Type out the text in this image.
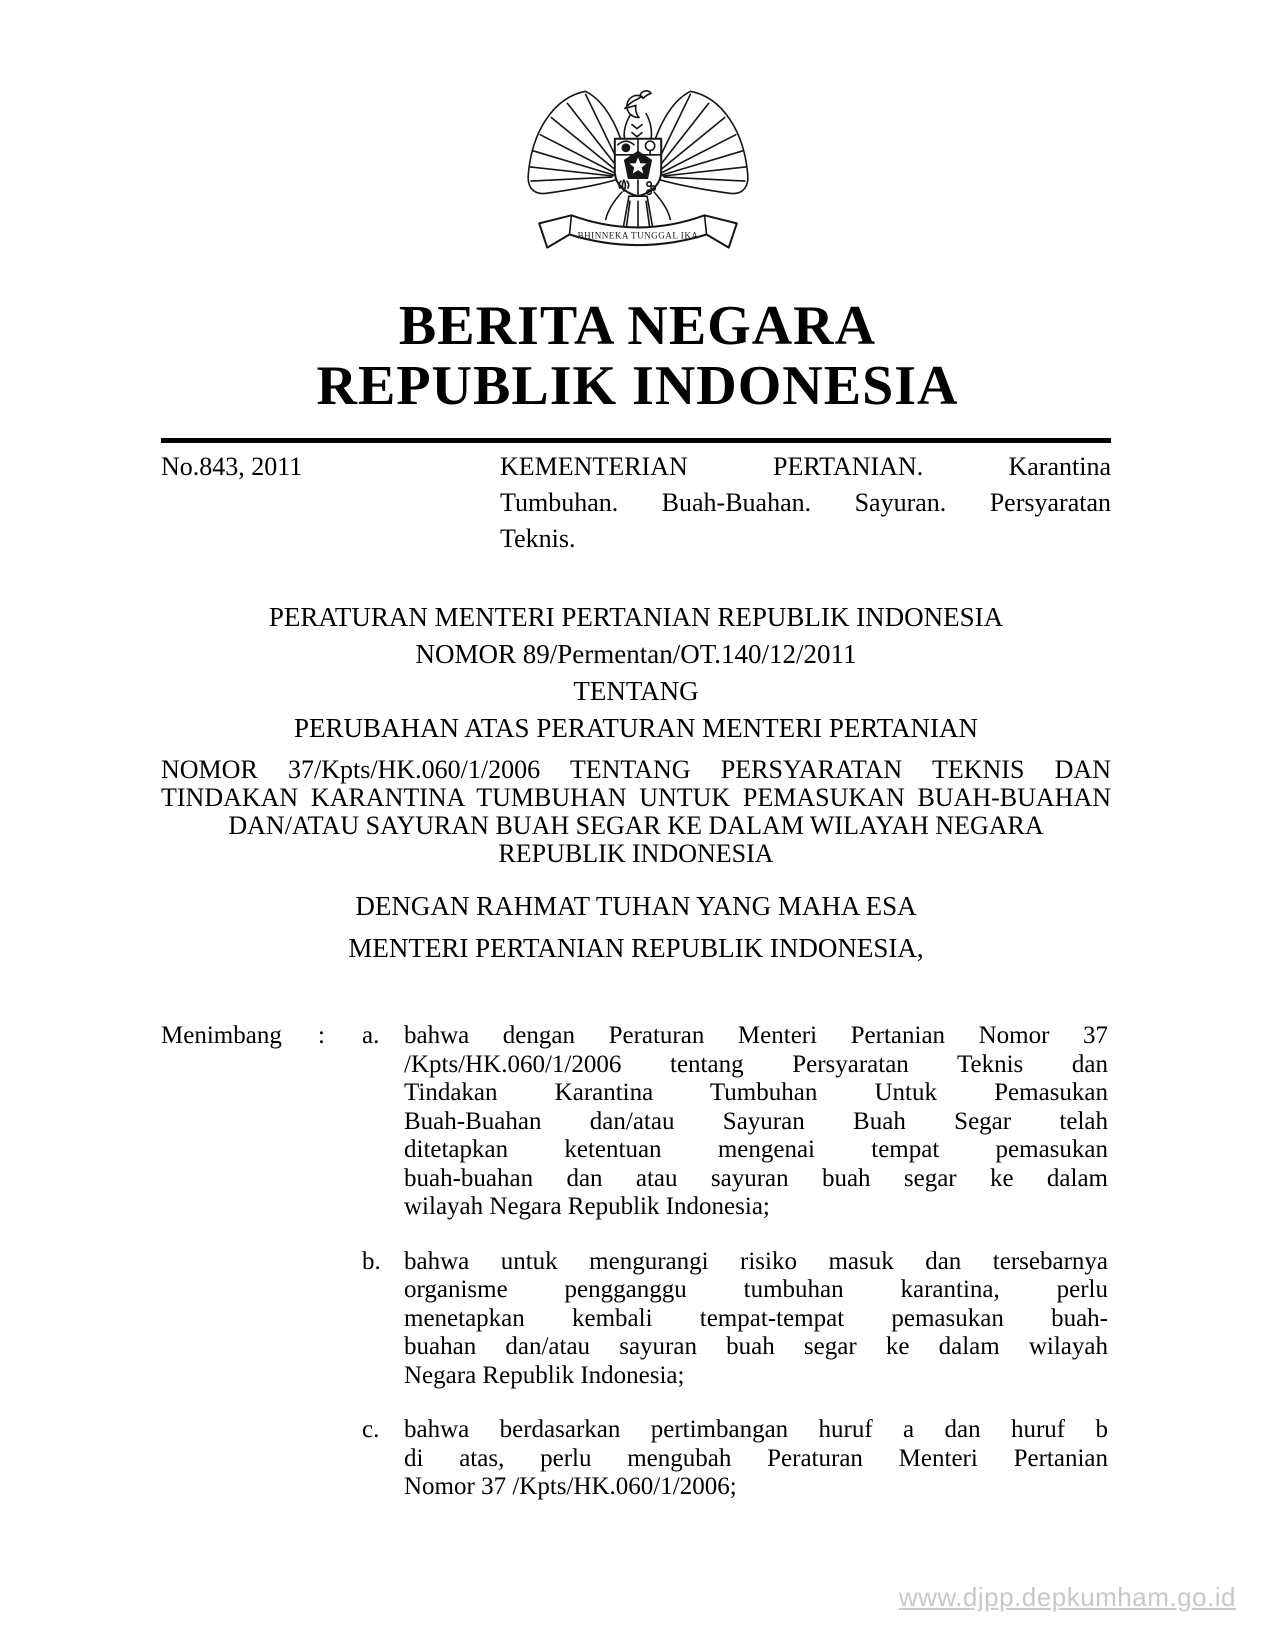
BHINNEKA TUNGGAL IKA
BERITA NEGARA
REPUBLIK INDONESIA
No.843, 2011	KEMENTERIAN PERTANIAN. Karantina
Tumbuhan. Buah-Buahan. Sayuran. Persyaratan
Teknis.
PERATURAN MENTERI PERTANIAN REPUBLIK INDONESIA
NOMOR 89/Permentan/OT.140/12/2011
TENTANG
PERUBAHAN ATAS PERATURAN MENTERI PERTANIAN
NOMOR 37/Kpts/HK.060/1/2006 TENTANG PERSYARATAN TEKNIS DAN
TINDAKAN KARANTINA TUMBUHAN UNTUK PEMASUKAN BUAH-BUAHAN
DAN/ATAU SAYURAN BUAH SEGAR KE DALAM WILAYAH NEGARA
REPUBLIK INDONESIA
DENGAN RAHMAT TUHAN YANG MAHA ESA
MENTERI PERTANIAN REPUBLIK INDONESIA,
Menimbang	:	a. bahwa dengan Peraturan Menteri Pertanian Nomor 37
/Kpts/HK.060/1/2006 tentang Persyaratan Teknis dan
Tindakan Karantina Tumbuhan Untuk Pemasukan
Buah-Buahan dan/atau Sayuran Buah Segar telah
ditetapkan ketentuan mengenai tempat pemasukan
buah-buahan dan atau sayuran buah segar ke dalam
wilayah Negara Republik Indonesia;
b. bahwa untuk mengurangi risiko masuk dan tersebarnya
organisme pengganggu tumbuhan karantina, perlu
menetapkan kembali tempat-tempat pemasukan buah-
buahan dan/atau sayuran buah segar ke dalam wilayah
Negara Republik Indonesia;
c. bahwa berdasarkan pertimbangan huruf a dan huruf b
di atas, perlu mengubah Peraturan Menteri Pertanian
Nomor 37 /Kpts/HK.060/1/2006;
www.djpp.depkumham.go.id
